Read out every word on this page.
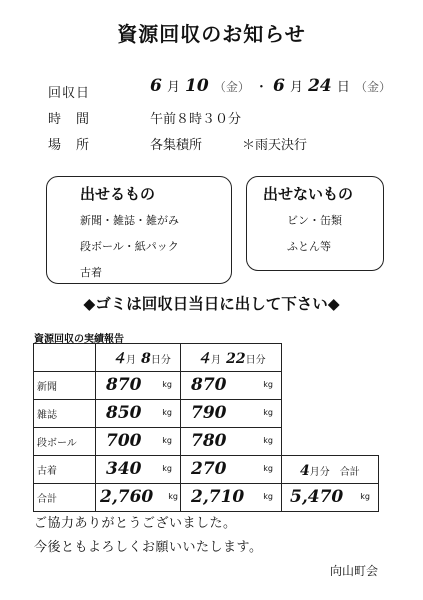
資源回収のお知らせ
回収日	6 月 10 （金） ・ 6 月 24 日 （金）
時　間	午前８時３０分
場　所	各集積所	＊雨天決行
出せるもの
新聞・雑誌・雑がみ
段ボール・紙パック
古着
出せないもの
ビン・缶類
ふとん等
◆ゴミは回収日当日に出して下さい◆
資源回収の実績報告

	４月 8日分	４月 22日分	

新聞	870 kg	870 kg	

雑誌	850 kg	790 kg	

段ボール	700 kg	780 kg	

古着	340 kg	270 kg	4月分　合計

合計	2,760 kg	2,710 kg	5,470 kg
ご協力ありがとうございました。
今後ともよろしくお願いいたします。
向山町会
